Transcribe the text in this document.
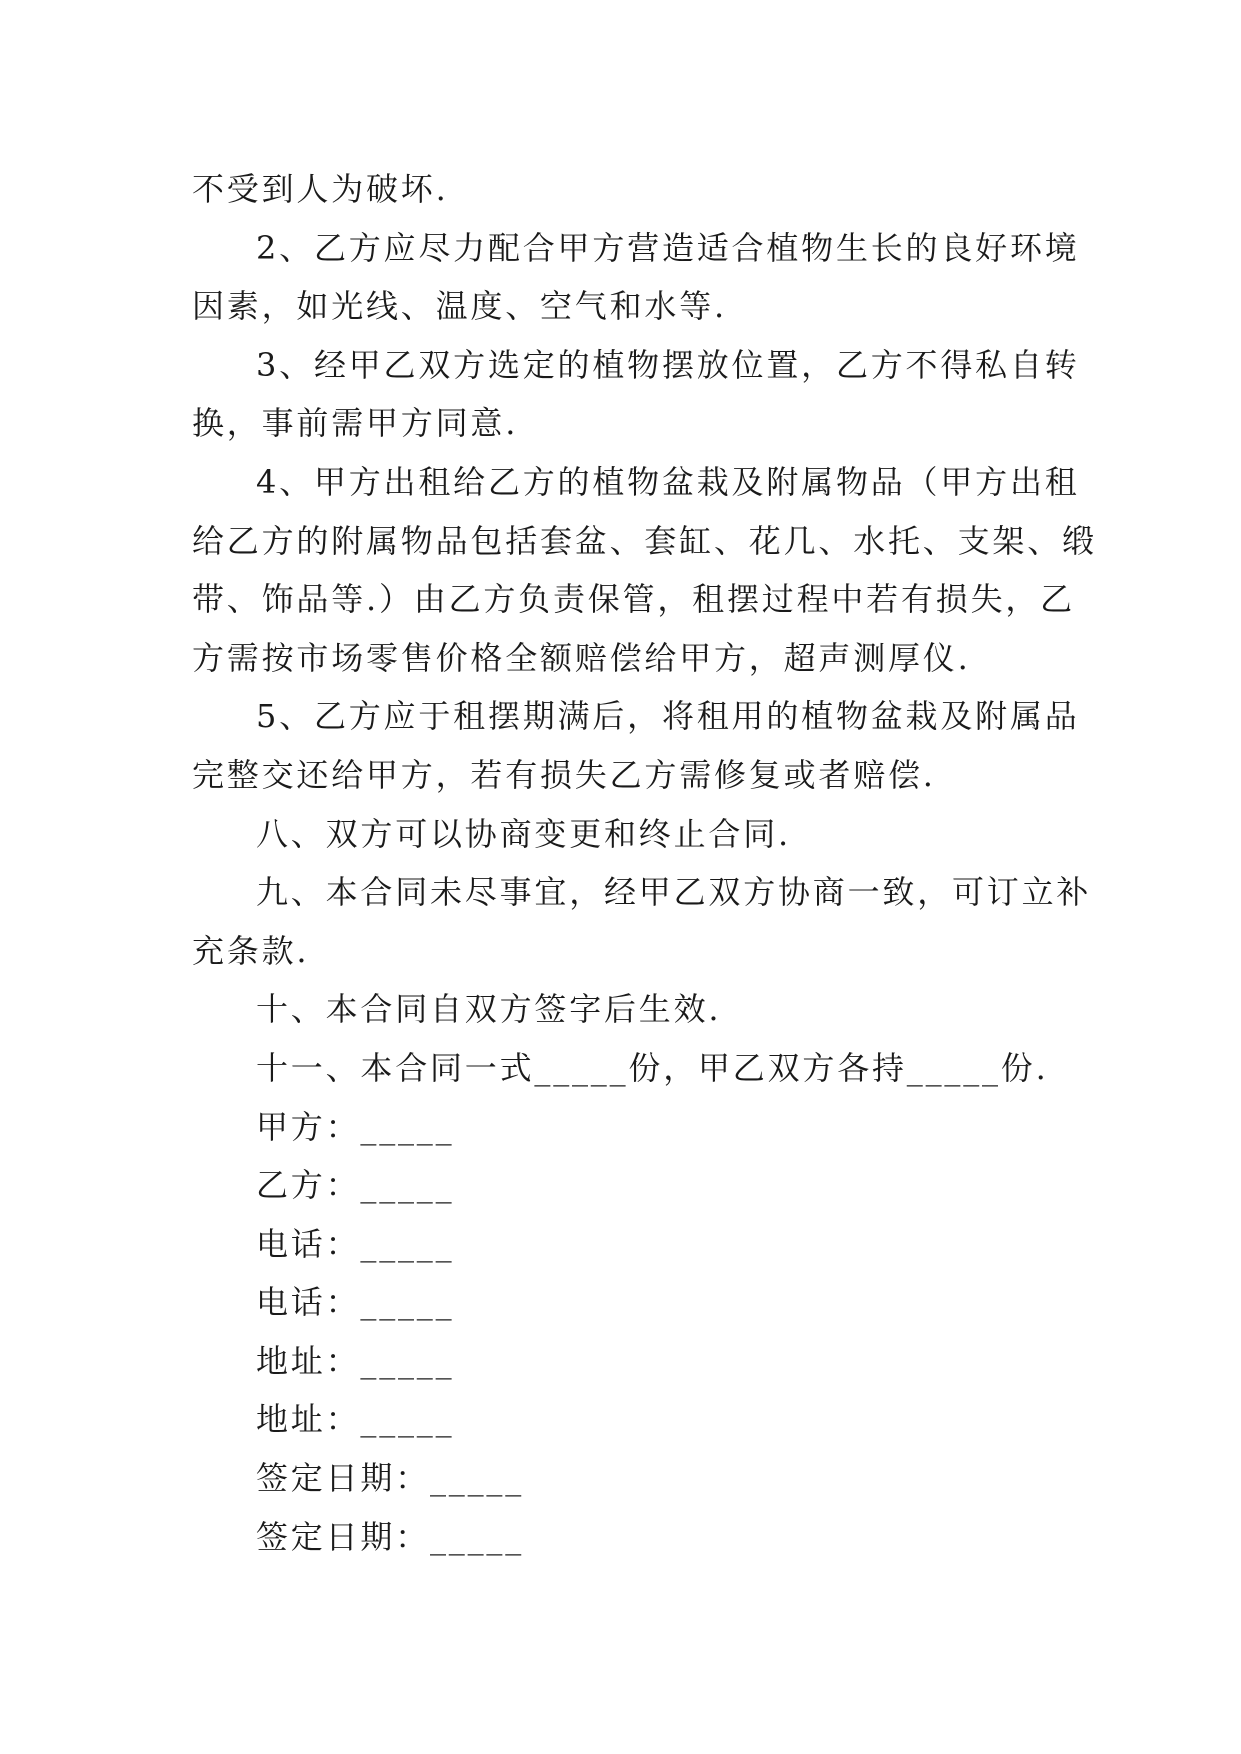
不受到人为破坏.
2、乙方应尽力配合甲方营造适合植物生长的良好环境
因素，如光线、温度、空气和水等.
3、经甲乙双方选定的植物摆放位置，乙方不得私自转
换，事前需甲方同意.
4、甲方出租给乙方的植物盆栽及附属物品（甲方出租
给乙方的附属物品包括套盆、套缸、花几、水托、支架、缎
带、饰品等.）由乙方负责保管，租摆过程中若有损失，乙
方需按市场零售价格全额赔偿给甲方，超声测厚仪.
5、乙方应于租摆期满后，将租用的植物盆栽及附属品
完整交还给甲方，若有损失乙方需修复或者赔偿.
八、双方可以协商变更和终止合同.
九、本合同未尽事宜，经甲乙双方协商一致，可订立补
充条款.
十、本合同自双方签字后生效.
十一、本合同一式_____份，甲乙双方各持_____份.
甲方：_____
乙方：_____
电话：_____
电话：_____
地址：_____
地址：_____
签定日期：_____
签定日期：_____
